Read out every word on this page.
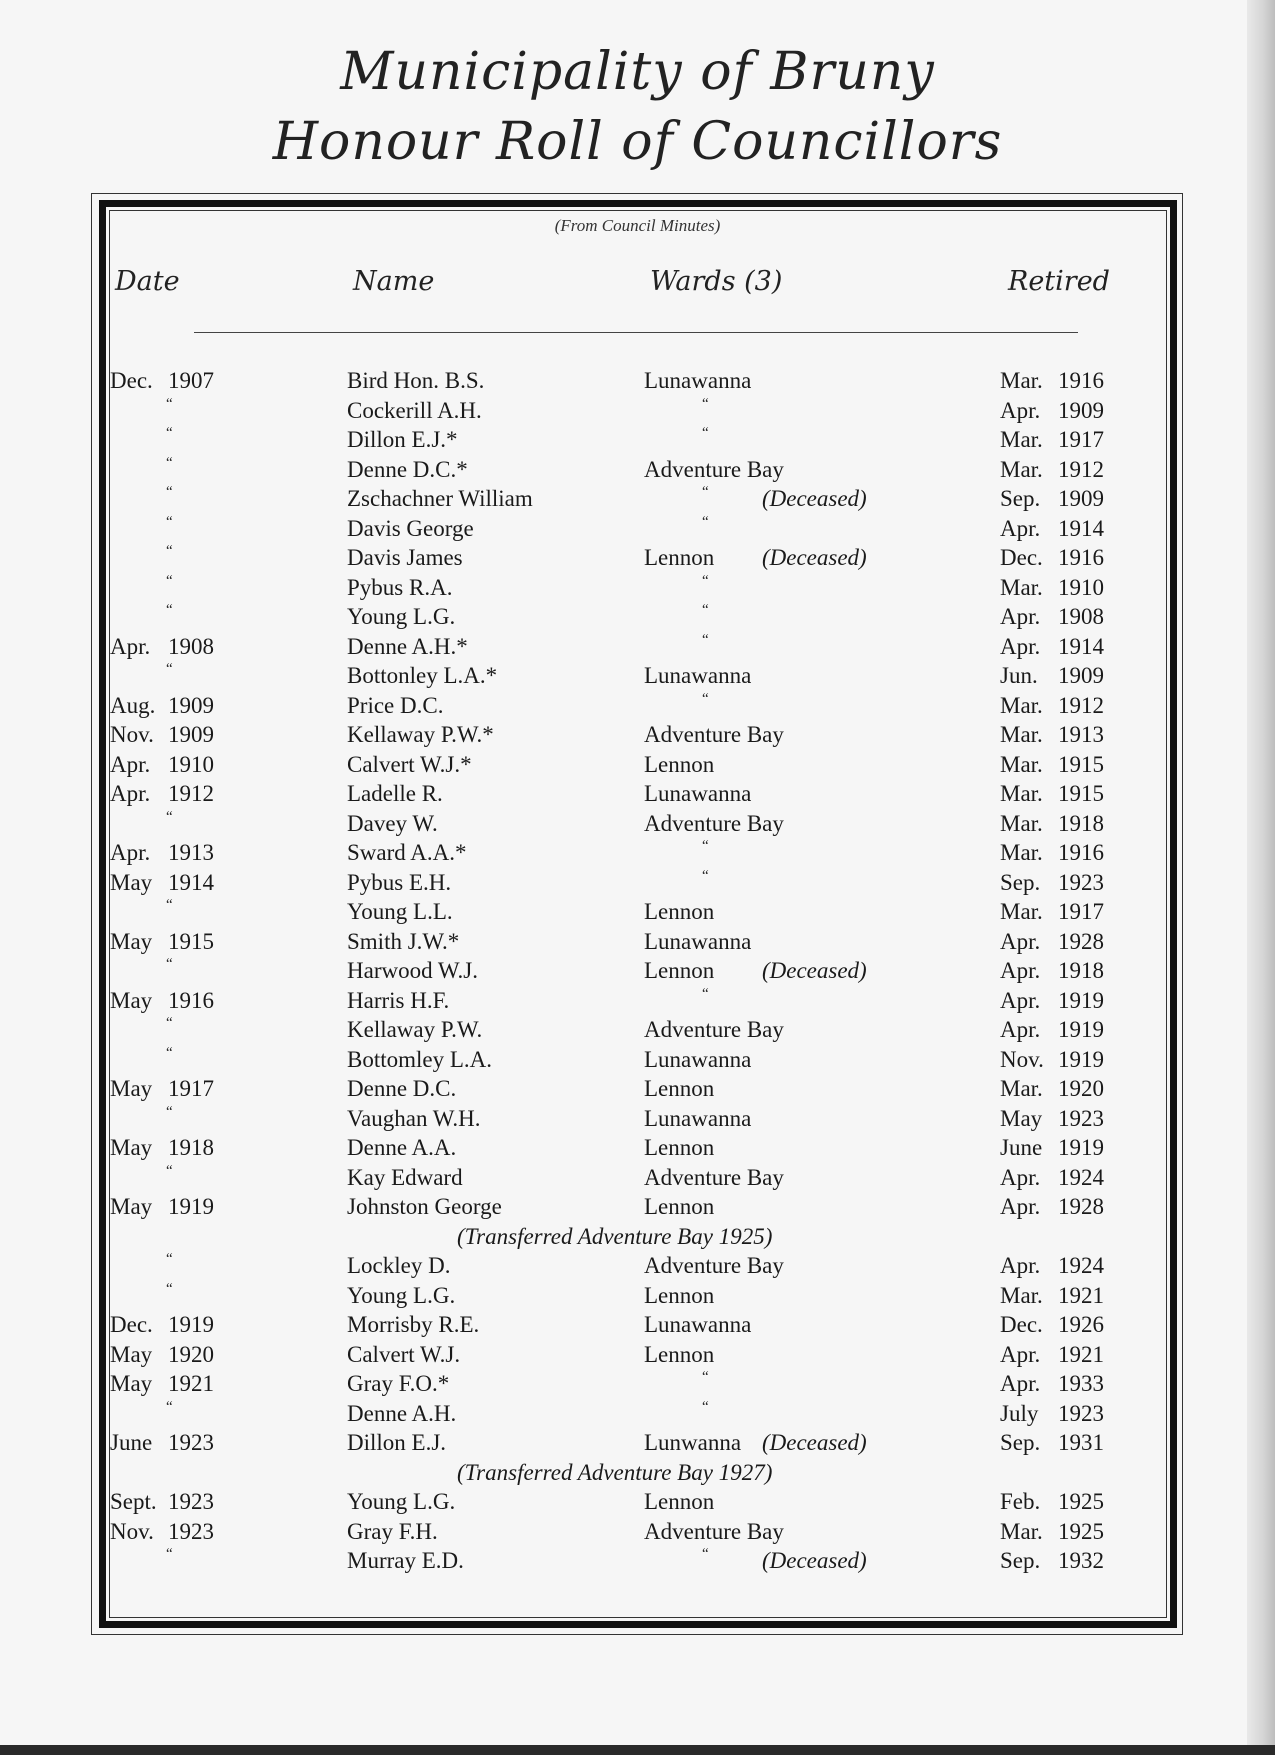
Municipality of Bruny
Honour Roll of Councillors
(From Council Minutes)
Date	Name	Wards (3)	Retired
Dec. 1907	Bird Hon. B.S.	Lunawanna	Mar. 1916
“	Cockerill A.H.	“	Apr. 1909
“	Dillon E.J.*	“	Mar. 1917
“	Denne D.C.*	Adventure Bay	Mar. 1912
“	Zschachner William	“ (Deceased)	Sep. 1909
“	Davis George	“	Apr. 1914
“	Davis James	Lennon (Deceased)	Dec. 1916
“	Pybus R.A.	“	Mar. 1910
“	Young L.G.	“	Apr. 1908
Apr. 1908	Denne A.H.*	“	Apr. 1914
“	Bottonley L.A.*	Lunawanna	Jun. 1909
Aug. 1909	Price D.C.	“	Mar. 1912
Nov. 1909	Kellaway P.W.*	Adventure Bay	Mar. 1913
Apr. 1910	Calvert W.J.*	Lennon	Mar. 1915
Apr. 1912	Ladelle R.	Lunawanna	Mar. 1915
“	Davey W.	Adventure Bay	Mar. 1918
Apr. 1913	Sward A.A.*	“	Mar. 1916
May 1914	Pybus E.H.	“	Sep. 1923
“	Young L.L.	Lennon	Mar. 1917
May 1915	Smith J.W.*	Lunawanna	Apr. 1928
“	Harwood W.J.	Lennon (Deceased)	Apr. 1918
May 1916	Harris H.F.	“	Apr. 1919
“	Kellaway P.W.	Adventure Bay	Apr. 1919
“	Bottomley L.A.	Lunawanna	Nov. 1919
May 1917	Denne D.C.	Lennon	Mar. 1920
“	Vaughan W.H.	Lunawanna	May 1923
May 1918	Denne A.A.	Lennon	June 1919
“	Kay Edward	Adventure Bay	Apr. 1924
May 1919	Johnston George	Lennon	Apr. 1928
(Transferred Adventure Bay 1925)
“	Lockley D.	Adventure Bay	Apr. 1924
“	Young L.G.	Lennon	Mar. 1921
Dec. 1919	Morrisby R.E.	Lunawanna	Dec. 1926
May 1920	Calvert W.J.	Lennon	Apr. 1921
May 1921	Gray F.O.*	“	Apr. 1933
“	Denne A.H.	“	July 1923
June 1923	Dillon E.J.	Lunwanna (Deceased)	Sep. 1931
(Transferred Adventure Bay 1927)
Sept. 1923	Young L.G.	Lennon	Feb. 1925
Nov. 1923	Gray F.H.	Adventure Bay	Mar. 1925
“	Murray E.D.	“ (Deceased)	Sep. 1932
